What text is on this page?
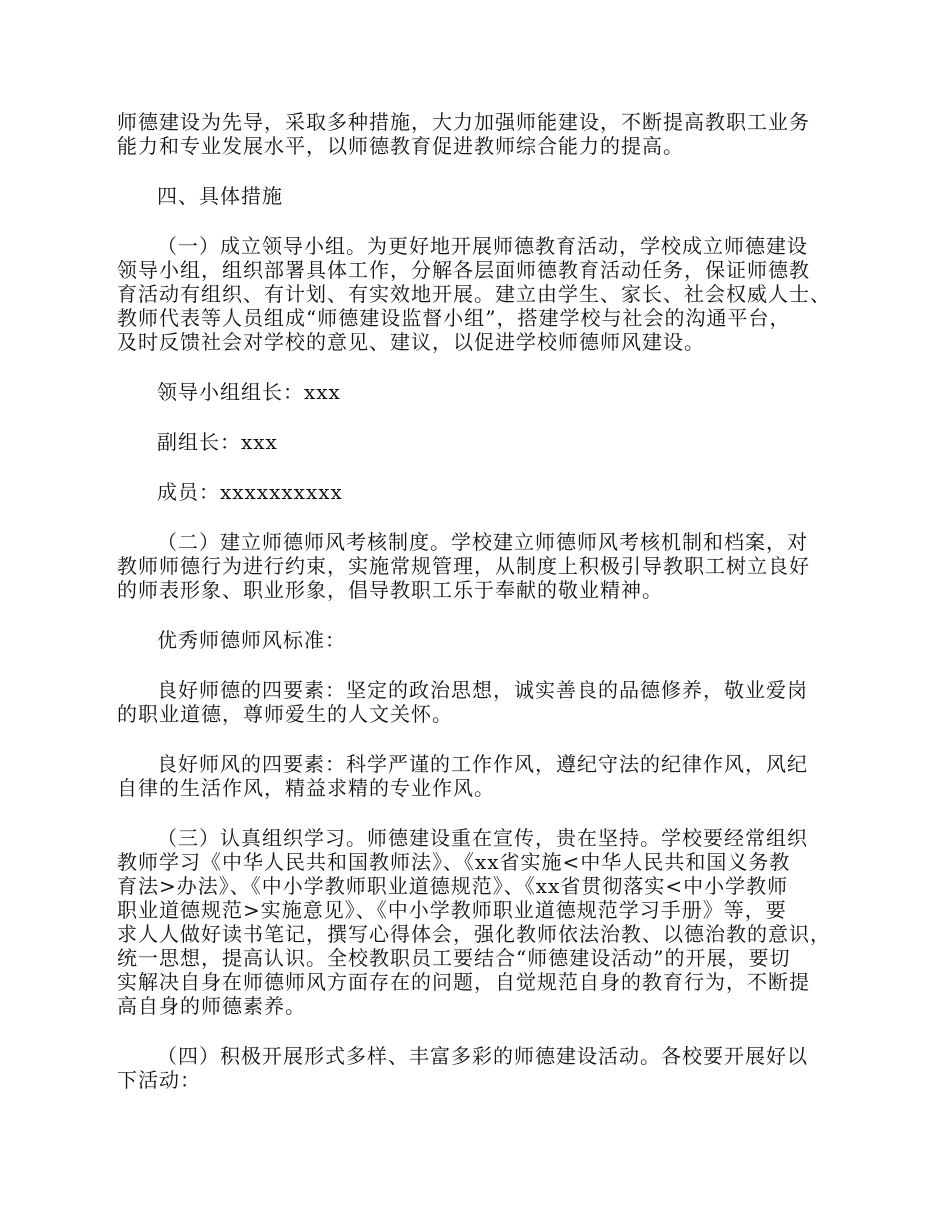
师德建设为先导，采取多种措施，大力加强师能建设，不断提高教职工业务
能力和专业发展水平，以师德教育促进教师综合能力的提高。
四、具体措施
（一）成立领导小组。为更好地开展师德教育活动，学校成立师德建设
领导小组，组织部署具体工作，分解各层面师德教育活动任务，保证师德教
育活动有组织、有计划、有实效地开展。建立由学生、家长、社会权威人士、
教师代表等人员组成“师德建设监督小组”，搭建学校与社会的沟通平台，
及时反馈社会对学校的意见、建议，以促进学校师德师风建设。
领导小组组长：xxx
副组长：xxx
成员：xxxxxxxxxx
（二）建立师德师风考核制度。学校建立师德师风考核机制和档案，对
教师师德行为进行约束，实施常规管理，从制度上积极引导教职工树立良好
的师表形象、职业形象，倡导教职工乐于奉献的敬业精神。
优秀师德师风标准：
良好师德的四要素：坚定的政治思想，诚实善良的品德修养，敬业爱岗
的职业道德，尊师爱生的人文关怀。
良好师风的四要素：科学严谨的工作作风，遵纪守法的纪律作风，风纪
自律的生活作风，精益求精的专业作风。
（三）认真组织学习。师德建设重在宣传，贵在坚持。学校要经常组织
教师学习《中华人民共和国教师法》、《xx省实施<中华人民共和国义务教
育法>办法》、《中小学教师职业道德规范》、《xx省贯彻落实<中小学教师
职业道德规范>实施意见》、《中小学教师职业道德规范学习手册》等，要
求人人做好读书笔记，撰写心得体会，强化教师依法治教、以德治教的意识，
统一思想，提高认识。全校教职员工要结合“师德建设活动”的开展，要切
实解决自身在师德师风方面存在的问题，自觉规范自身的教育行为，不断提
高自身的师德素养。
（四）积极开展形式多样、丰富多彩的师德建设活动。各校要开展好以
下活动：
